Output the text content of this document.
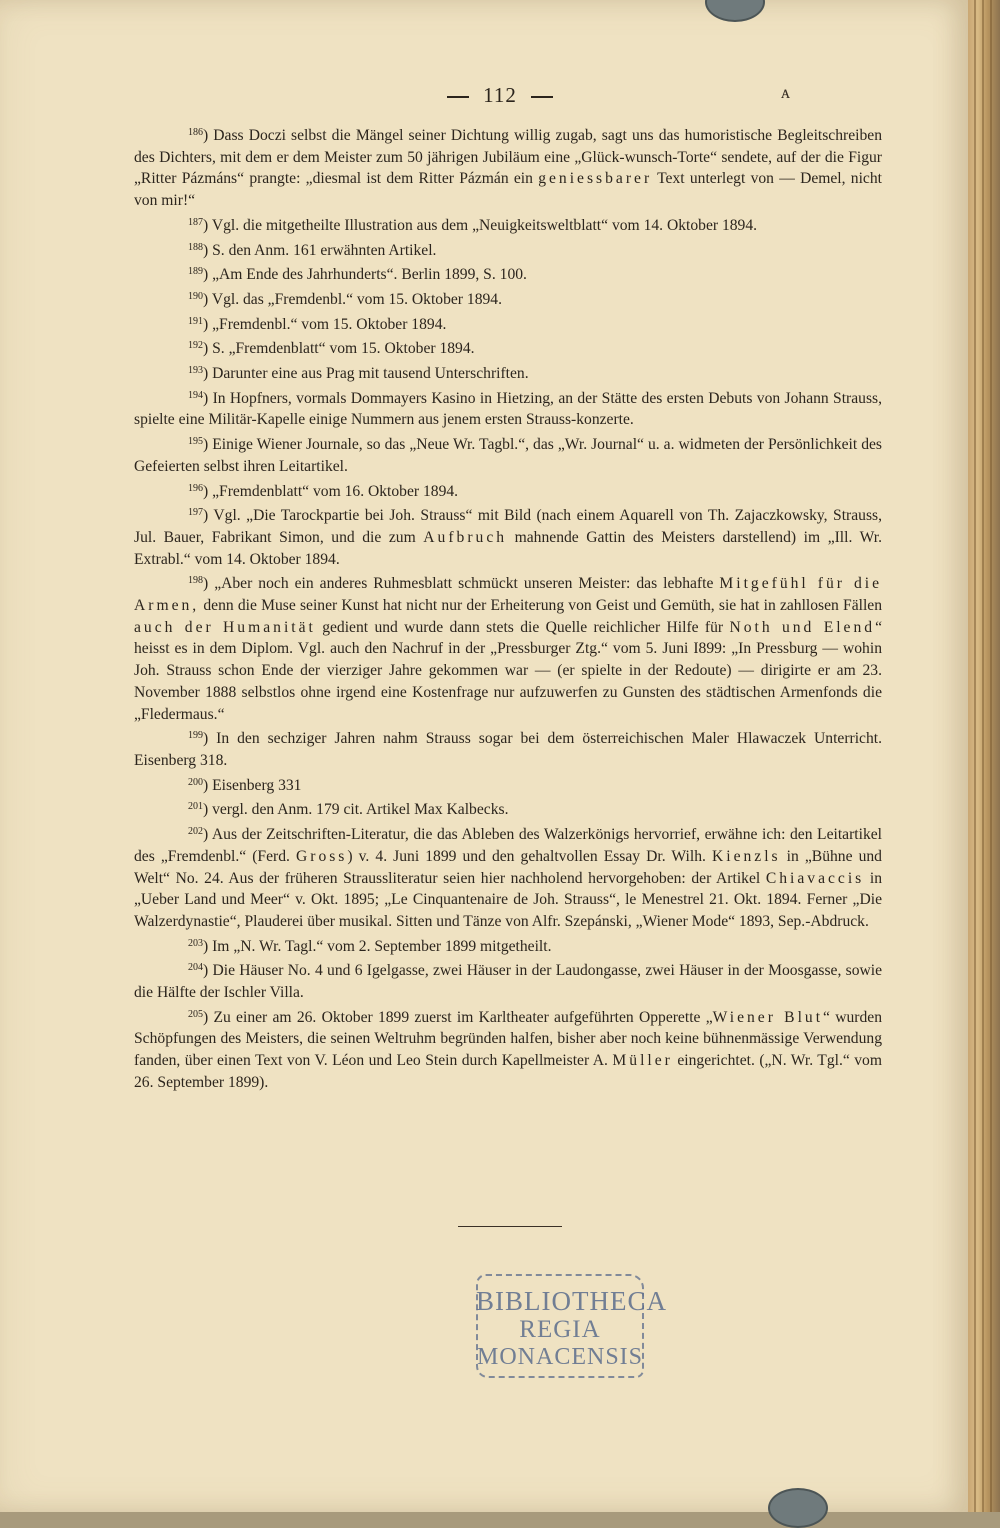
112	ᴀ

$^{186}$) Dass Doczi selbst die Mängel seiner Dichtung willig zugab, sagt uns das humoristische Begleitschreiben des Dichters, mit dem er dem Meister zum 50 jährigen Jubiläum eine „Glück-wunsch-Torte“ sendete, auf der die Figur „Ritter Pázmáns“ prangte: „diesmal ist dem Ritter Pázmán ein geniessbarer Text unterlegt von — Demel, nicht von mir!“

$^{187}$) Vgl. die mitgetheilte Illustration aus dem „Neuigkeitsweltblatt“ vom 14. Oktober 1894.

$^{188}$) S. den Anm. 161 erwähnten Artikel.

$^{189}$) „Am Ende des Jahrhunderts“. Berlin 1899, S. 100.

$^{190}$) Vgl. das „Fremdenbl.“ vom 15. Oktober 1894.

$^{191}$) „Fremdenbl.“ vom 15. Oktober 1894.

$^{192}$) S. „Fremdenblatt“ vom 15. Oktober 1894.

$^{193}$) Darunter eine aus Prag mit tausend Unterschriften.

$^{194}$) In Hopfners, vormals Dommayers Kasino in Hietzing, an der Stätte des ersten Debuts von Johann Strauss, spielte eine Militär-Kapelle einige Nummern aus jenem ersten Strauss-konzerte.

$^{195}$) Einige Wiener Journale, so das „Neue Wr. Tagbl.“, das „Wr. Journal“ u. a. widmeten der Persönlichkeit des Gefeierten selbst ihren Leitartikel.

$^{196}$) „Fremdenblatt“ vom 16. Oktober 1894.

$^{197}$) Vgl. „Die Tarockpartie bei Joh. Strauss“ mit Bild (nach einem Aquarell von Th. Zajaczkowsky, Strauss, Jul. Bauer, Fabrikant Simon, und die zum Aufbruch mahnende Gattin des Meisters darstellend) im „Ill. Wr. Extrabl.“ vom 14. Oktober 1894.

$^{198}$) „Aber noch ein anderes Ruhmesblatt schmückt unseren Meister: das lebhafte Mitgefühl für die Armen, denn die Muse seiner Kunst hat nicht nur der Erheiterung von Geist und Gemüth, sie hat in zahllosen Fällen auch der Humanität gedient und wurde dann stets die Quelle reichlicher Hilfe für Noth und Elend“ heisst es in dem Diplom. Vgl. auch den Nachruf in der „Pressburger Ztg.“ vom 5. Juni I899: „In Pressburg — wohin Joh. Strauss schon Ende der vierziger Jahre gekommen war — (er spielte in der Redoute) — dirigirte er am 23. November 1888 selbstlos ohne irgend eine Kostenfrage nur aufzuwerfen zu Gunsten des städtischen Armenfonds die „Fledermaus.“

$^{199}$) In den sechziger Jahren nahm Strauss sogar bei dem österreichischen Maler Hlawaczek Unterricht. Eisenberg 318.

$^{200}$) Eisenberg 331

$^{201}$) vergl. den Anm. 179 cit. Artikel Max Kalbecks.

$^{202}$) Aus der Zeitschriften-Literatur, die das Ableben des Walzerkönigs hervorrief, erwähne ich: den Leitartikel des „Fremdenbl.“ (Ferd. Gross) v. 4. Juni 1899 und den gehaltvollen Essay Dr. Wilh. Kienzls in „Bühne und Welt“ No. 24. Aus der früheren Straussliteratur seien hier nachholend hervorgehoben: der Artikel Chiavaccis in „Ueber Land und Meer“ v. Okt. 1895; „Le Cinquantenaire de Joh. Strauss“, le Menestrel 21. Okt. 1894. Ferner „Die Walzerdynastie“, Plauderei über musikal. Sitten und Tänze von Alfr. Szepánski, „Wiener Mode“ 1893, Sep.-Abdruck.

$^{203}$) Im „N. Wr. Tagl.“ vom 2. September 1899 mitgetheilt.

$^{204}$) Die Häuser No. 4 und 6 Igelgasse, zwei Häuser in der Laudongasse, zwei Häuser in der Moosgasse, sowie die Hälfte der Ischler Villa.

$^{205}$) Zu einer am 26. Oktober 1899 zuerst im Karltheater aufgeführten Opperette „Wiener Blut“ wurden Schöpfungen des Meisters, die seinen Weltruhm begründen halfen, bisher aber noch keine bühnenmässige Verwendung fanden, über einen Text von V. Léon und Leo Stein durch Kapellmeister A. Müller eingerichtet. („N. Wr. Tgl.“ vom 26. September 1899).

BIBLIOTHECA
REGIA
MONACENSIS
